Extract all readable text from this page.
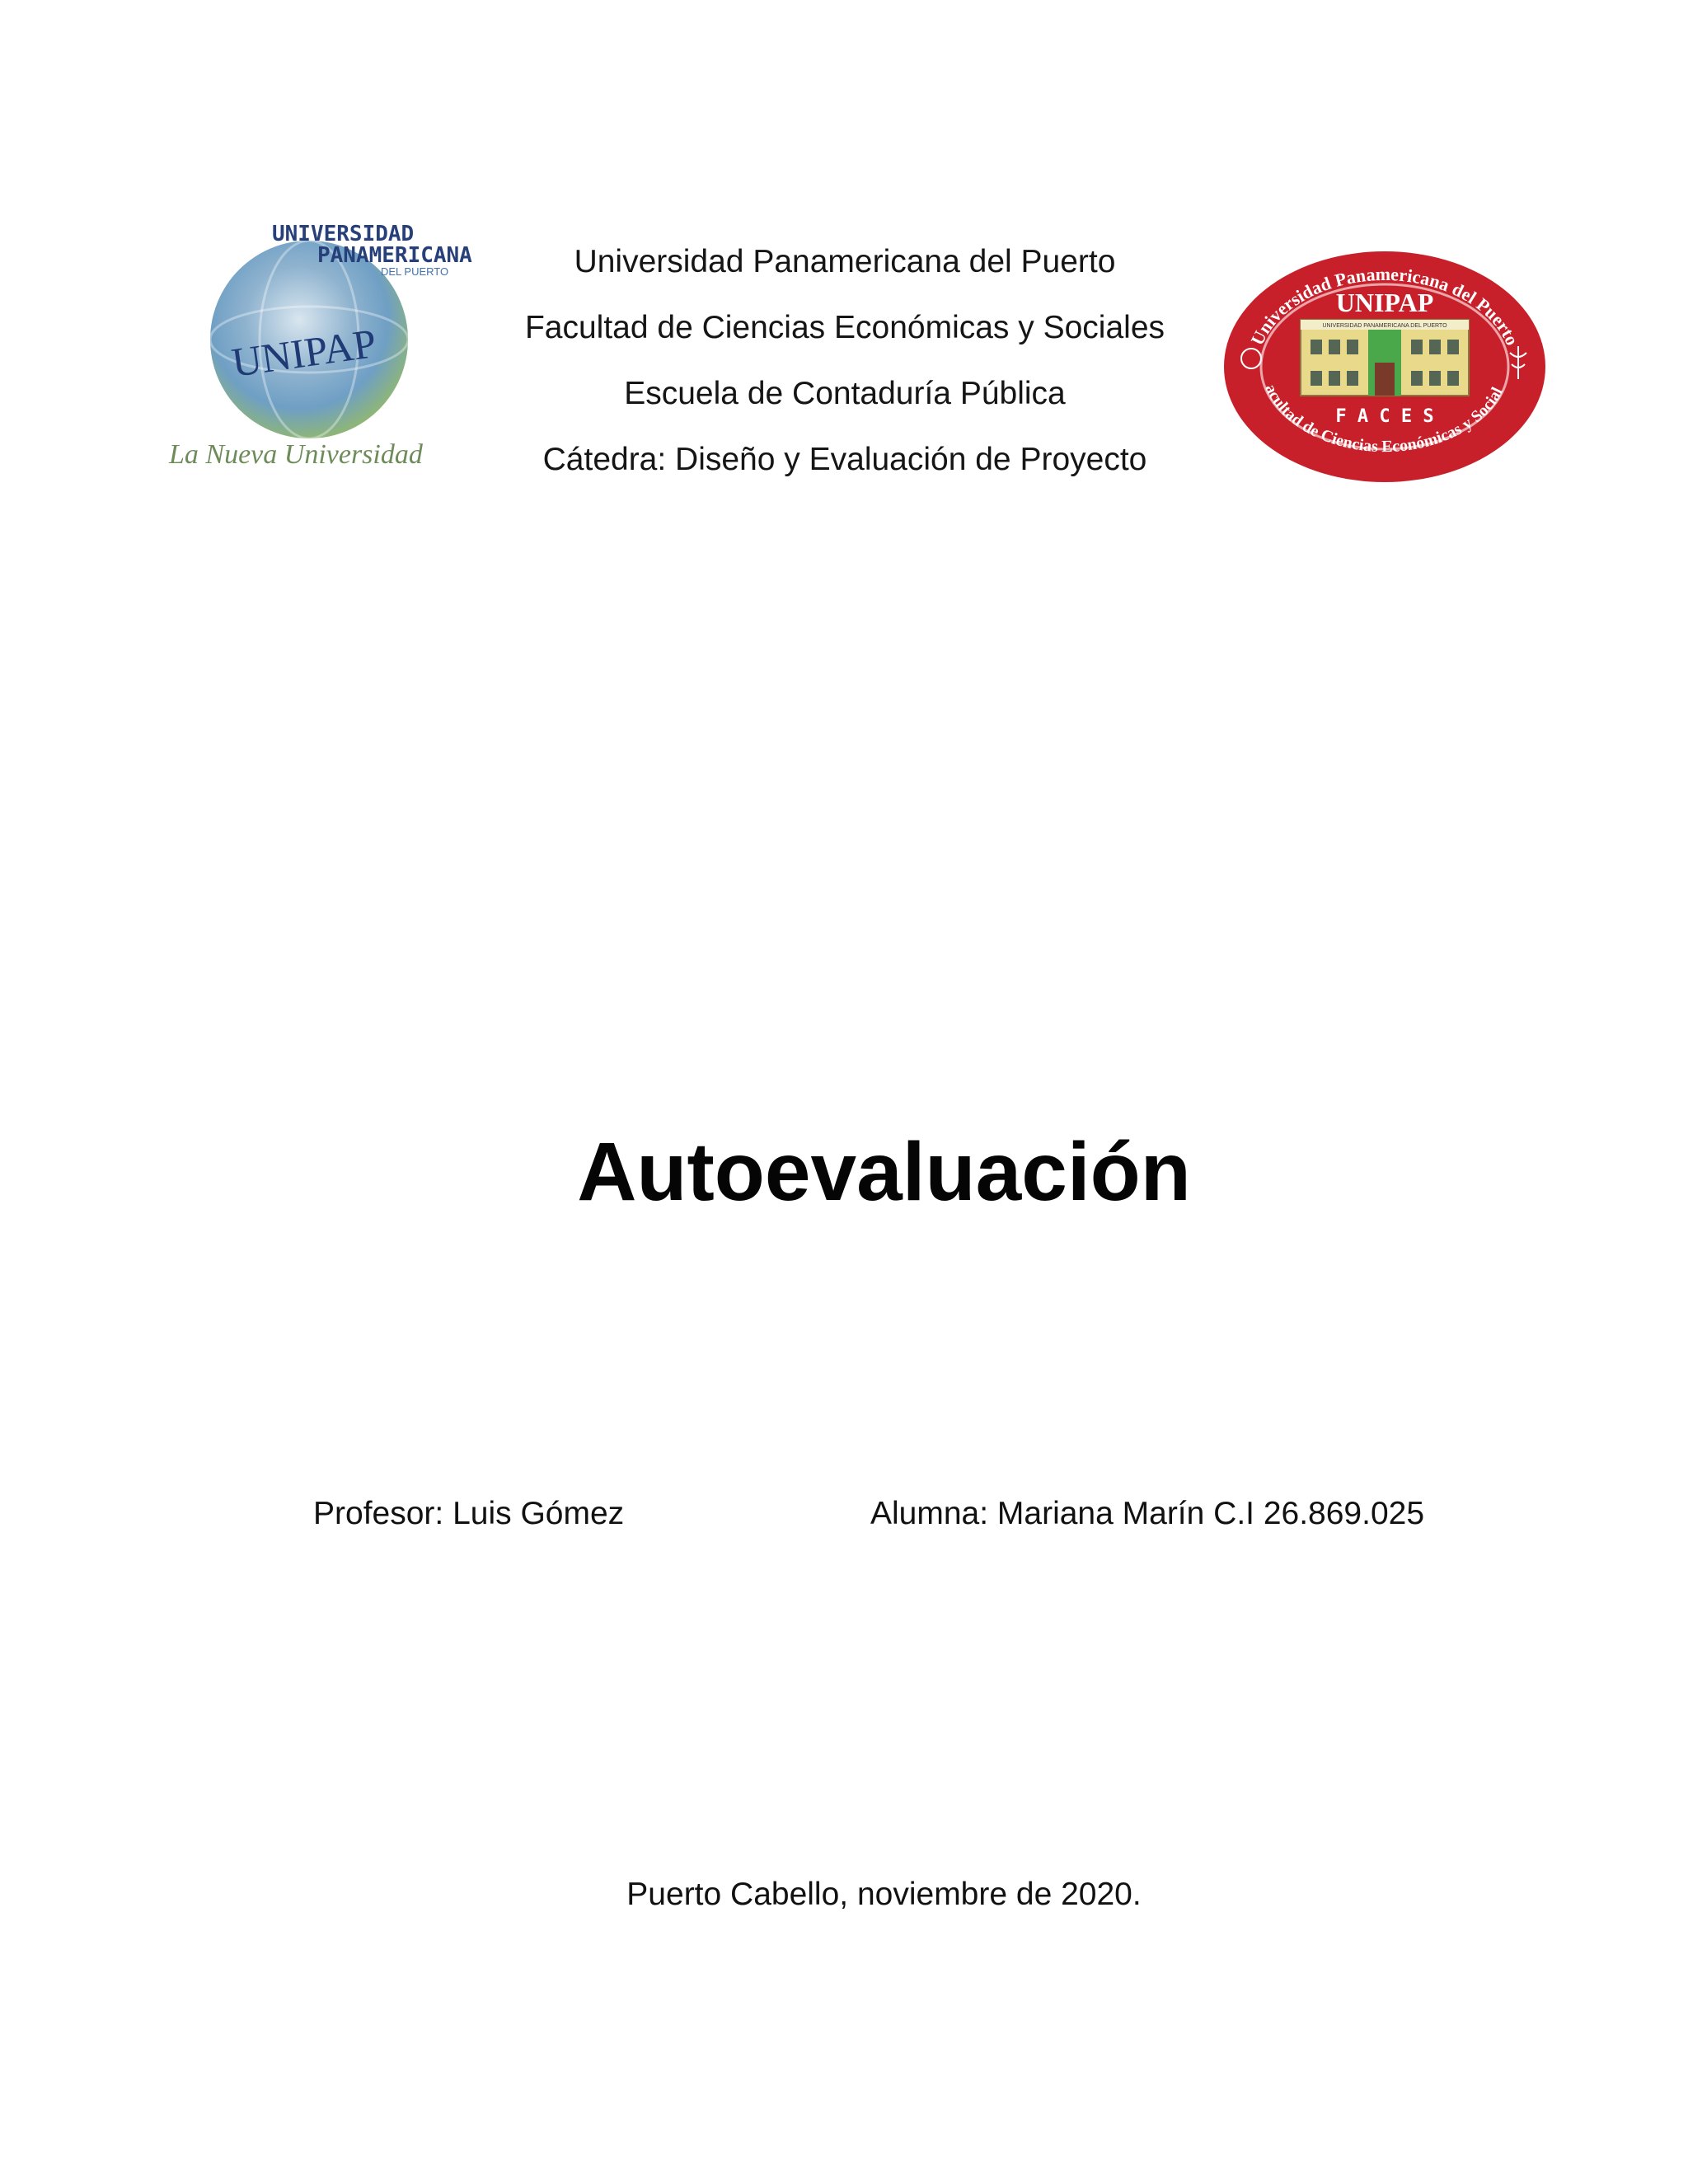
UNIVERSIDAD
PANAMERICANA
DEL PUERTO
UNIPAP
La Nueva Universidad
Universidad Panamericana del Puerto
Facultad de Ciencias Económicas y Sociales
Escuela de Contaduría Pública
Cátedra: Diseño y Evaluación de Proyecto
Universidad Panamericana del Puerto
acultad de Ciencias Económicas y Social
UNIPAP
UNIVERSIDAD PANAMERICANA DEL PUERTO
F A C E S
Autoevaluación
Profesor: Luis Gómez	Alumna: Mariana Marín C.I 26.869.025
Puerto Cabello, noviembre de 2020.
